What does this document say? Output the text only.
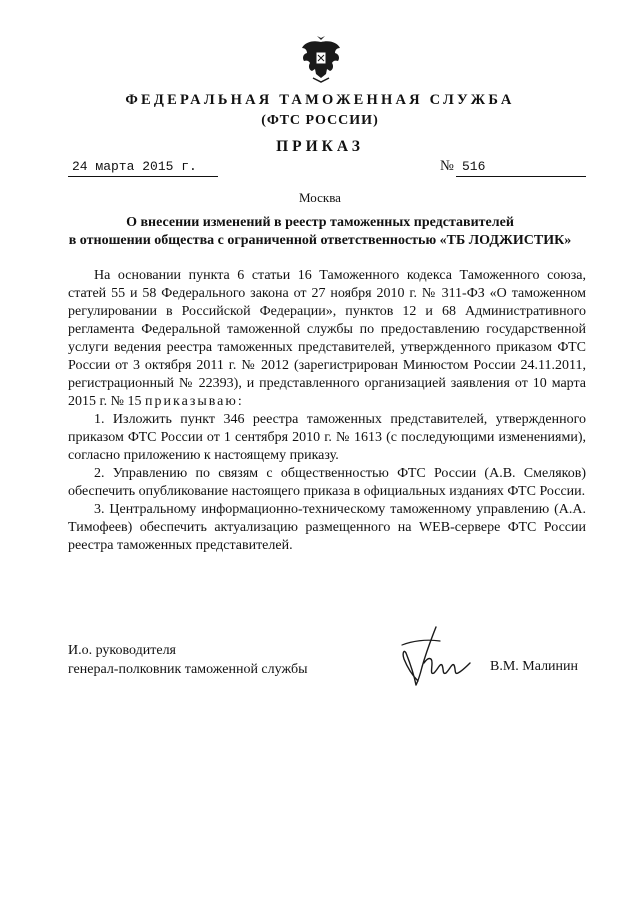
ФЕДЕРАЛЬНАЯ ТАМОЖЕННАЯ СЛУЖБА
(ФТС РОССИИ)
ПРИКАЗ
24 марта 2015 г.	№ 516
Москва
О внесении изменений в реестр таможенных представителей
в отношении общества с ограниченной ответственностью «ТБ ЛОДЖИСТИК»

На основании пункта 6 статьи 16 Таможенного кодекса Таможенного союза, статей 55 и 58 Федерального закона от 27 ноября 2010 г. № 311-ФЗ «О таможенном регулировании в Российской Федерации», пунктов 12 и 68 Административного регламента Федеральной таможенной службы по предоставлению государственной услуги ведения реестра таможенных представителей, утвержденного приказом ФТС России от 3 октября 2011 г. № 2012 (зарегистрирован Минюстом России 24.11.2011, регистрационный № 22393), и представленного организацией заявления от 10 марта 2015 г. № 15 приказываю:

1. Изложить пункт 346 реестра таможенных представителей, утвержденного приказом ФТС России от 1 сентября 2010 г. № 1613 (с последующими изменениями), согласно приложению к настоящему приказу.

2. Управлению по связям с общественностью ФТС России (А.В. Смеляков) обеспечить опубликование настоящего приказа в официальных изданиях ФТС России.

3. Центральному информационно-техническому таможенному управлению (А.А. Тимофеев) обеспечить актуализацию размещенного на WEB-сервере ФТС России реестра таможенных представителей.

И.о. руководителя
генерал-полковник таможенной службы	В.М. Малинин
